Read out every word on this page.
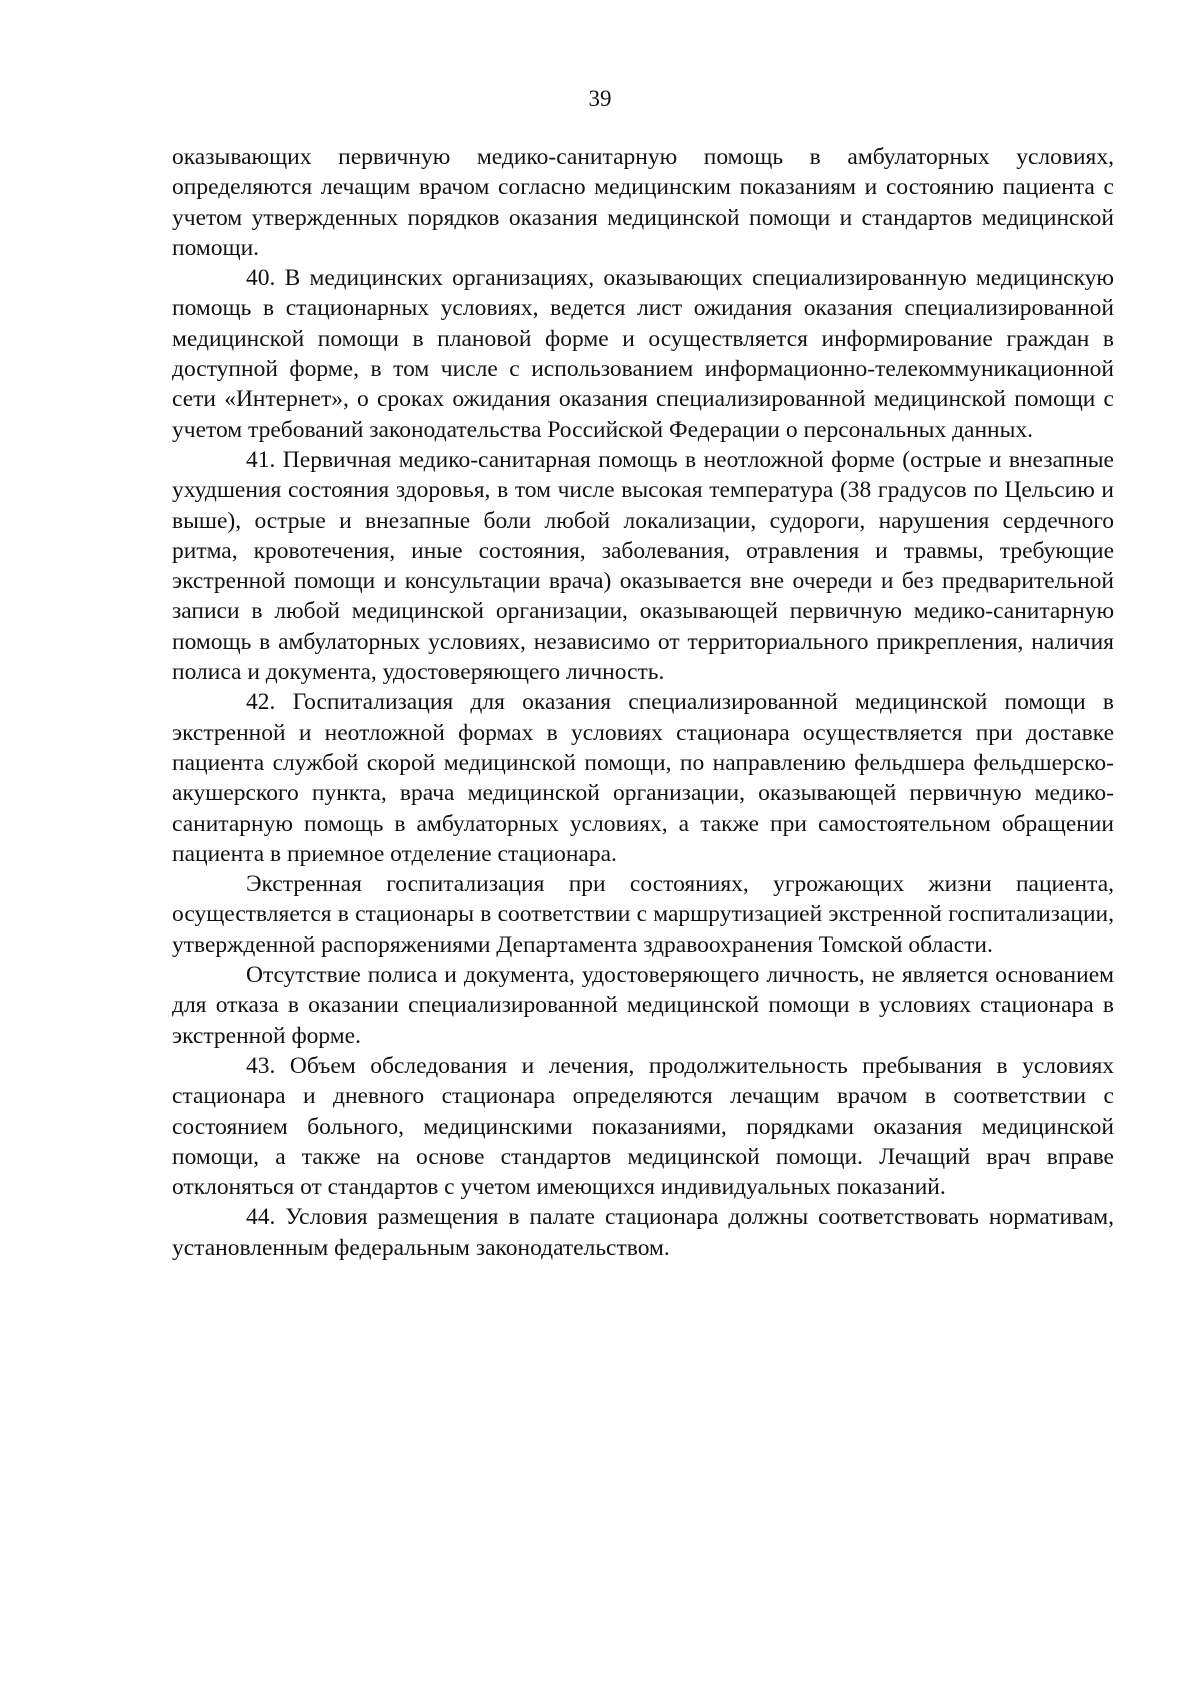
39

оказывающих первичную медико-санитарную помощь в амбулаторных условиях, определяются лечащим врачом согласно медицинским показаниям и состоянию пациента с учетом утвержденных порядков оказания медицинской помощи и стандартов медицинской помощи.

40. В медицинских организациях, оказывающих специализированную медицинскую помощь в стационарных условиях, ведется лист ожидания оказания специализированной медицинской помощи в плановой форме и осуществляется информирование граждан в доступной форме, в том числе с использованием информационно-телекоммуникационной сети «Интернет», о сроках ожидания оказания специализированной медицинской помощи с учетом требований законодательства Российской Федерации о персональных данных.

41. Первичная медико-санитарная помощь в неотложной форме (острые и внезапные ухудшения состояния здоровья, в том числе высокая температура (38 градусов по Цельсию и выше), острые и внезапные боли любой локализации, судороги, нарушения сердечного ритма, кровотечения, иные состояния, заболевания, отравления и травмы, требующие экстренной помощи и консультации врача) оказывается вне очереди и без предварительной записи в любой медицинской организации, оказывающей первичную медико-санитарную помощь в амбулаторных условиях, независимо от территориального прикрепления, наличия полиса и документа, удостоверяющего личность.

42. Госпитализация для оказания специализированной медицинской помощи в экстренной и неотложной формах в условиях стационара осуществляется при доставке пациента службой скорой медицинской помощи, по направлению фельдшера фельдшерско-акушерского пункта, врача медицинской организации, оказывающей первичную медико-санитарную помощь в амбулаторных условиях, а также при самостоятельном обращении пациента в приемное отделение стационара.

Экстренная госпитализация при состояниях, угрожающих жизни пациента, осуществляется в стационары в соответствии с маршрутизацией экстренной госпитализации, утвержденной распоряжениями Департамента здравоохранения Томской области.

Отсутствие полиса и документа, удостоверяющего личность, не является основанием для отказа в оказании специализированной медицинской помощи в условиях стационара в экстренной форме.

43. Объем обследования и лечения, продолжительность пребывания в условиях стационара и дневного стационара определяются лечащим врачом в соответствии с состоянием больного, медицинскими показаниями, порядками оказания медицинской помощи, а также на основе стандартов медицинской помощи. Лечащий врач вправе отклоняться от стандартов с учетом имеющихся индивидуальных показаний.

44. Условия размещения в палате стационара должны соответствовать нормативам, установленным федеральным законодательством.
